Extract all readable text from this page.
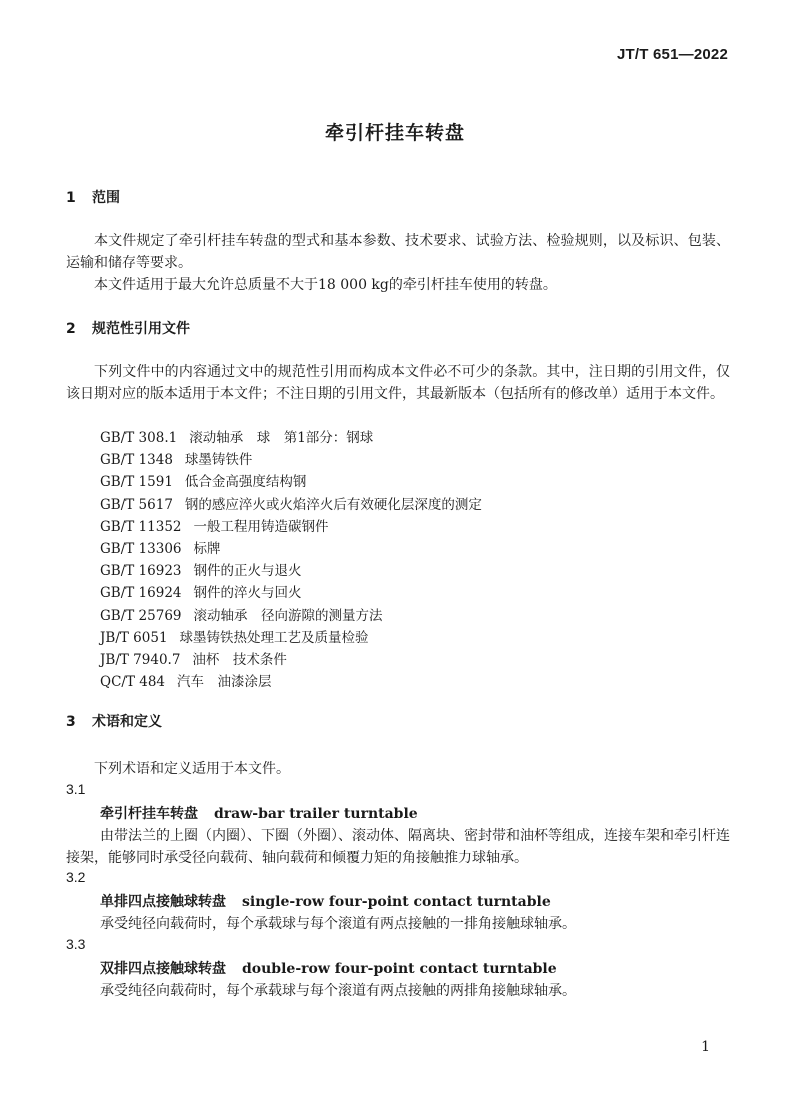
JT/T 651—2022
牵引杆挂车转盘
1 范围
本文件规定了牵引杆挂车转盘的型式和基本参数、技术要求、试验方法、检验规则，以及标识、包装、运输和储存等要求。
本文件适用于最大允许总质量不大于18 000 kg的牵引杆挂车使用的转盘。
2 规范性引用文件
下列文件中的内容通过文中的规范性引用而构成本文件必不可少的条款。其中，注日期的引用文件，仅该日期对应的版本适用于本文件；不注日期的引用文件，其最新版本（包括所有的修改单）适用于本文件。
GB/T 308.1 滚动轴承　球　第1部分：钢球
GB/T 1348 球墨铸铁件
GB/T 1591 低合金高强度结构钢
GB/T 5617 钢的感应淬火或火焰淬火后有效硬化层深度的测定
GB/T 11352 一般工程用铸造碳钢件
GB/T 13306 标牌
GB/T 16923 钢件的正火与退火
GB/T 16924 钢件的淬火与回火
GB/T 25769 滚动轴承　径向游隙的测量方法
JB/T 6051 球墨铸铁热处理工艺及质量检验
JB/T 7940.7 油杯　技术条件
QC/T 484 汽车　油漆涂层
3 术语和定义
下列术语和定义适用于本文件。
3.1
牵引杆挂车转盘 draw-bar trailer turntable
由带法兰的上圈（内圈）、下圈（外圈）、滚动体、隔离块、密封带和油杯等组成，连接车架和牵引杆连接架，能够同时承受径向载荷、轴向载荷和倾覆力矩的角接触推力球轴承。
3.2
单排四点接触球转盘 single-row four-point contact turntable
承受纯径向载荷时，每个承载球与每个滚道有两点接触的一排角接触球轴承。
3.3
双排四点接触球转盘 double-row four-point contact turntable
承受纯径向载荷时，每个承载球与每个滚道有两点接触的两排角接触球轴承。
1
